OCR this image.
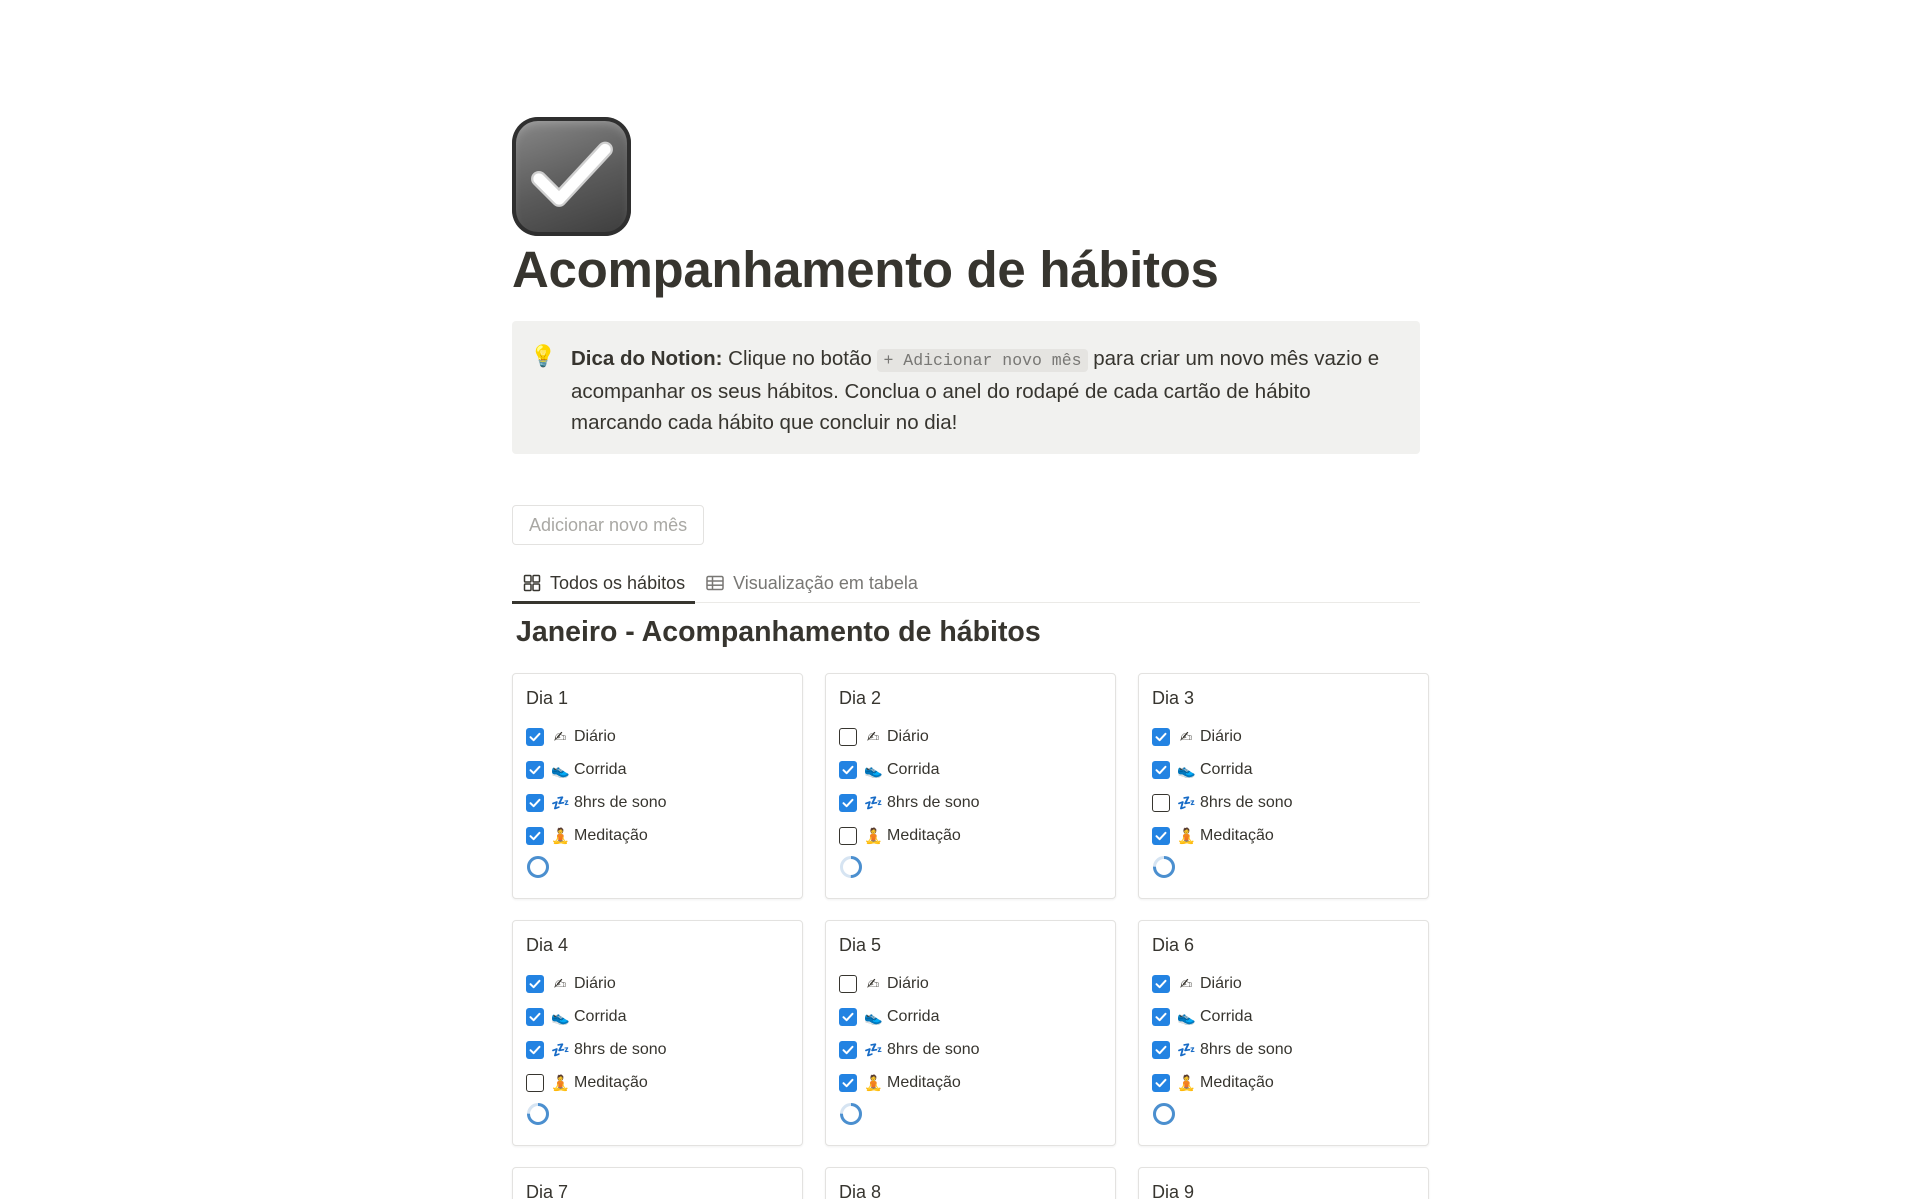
Acompanhamento de hábitos
💡 Dica do Notion: Clique no botão + Adicionar novo mês para criar um novo mês vazio e acompanhar os seus hábitos. Conclua o anel do rodapé de cada cartão de hábito marcando cada hábito que concluir no dia!

Adicionar novo mês
Todos os hábitos	Visualização em tabela
Janeiro - Acompanhamento de hábitos
Dia 1
✍ Diário
👟 Corrida
💤 8hrs de sono
🧘 Meditação
Dia 2
✍ Diário
👟 Corrida
💤 8hrs de sono
🧘 Meditação
Dia 3
✍ Diário
👟 Corrida
💤 8hrs de sono
🧘 Meditação
Dia 4
✍ Diário
👟 Corrida
💤 8hrs de sono
🧘 Meditação
Dia 5
✍ Diário
👟 Corrida
💤 8hrs de sono
🧘 Meditação
Dia 6
✍ Diário
👟 Corrida
💤 8hrs de sono
🧘 Meditação
Dia 7	Dia 8	Dia 9
